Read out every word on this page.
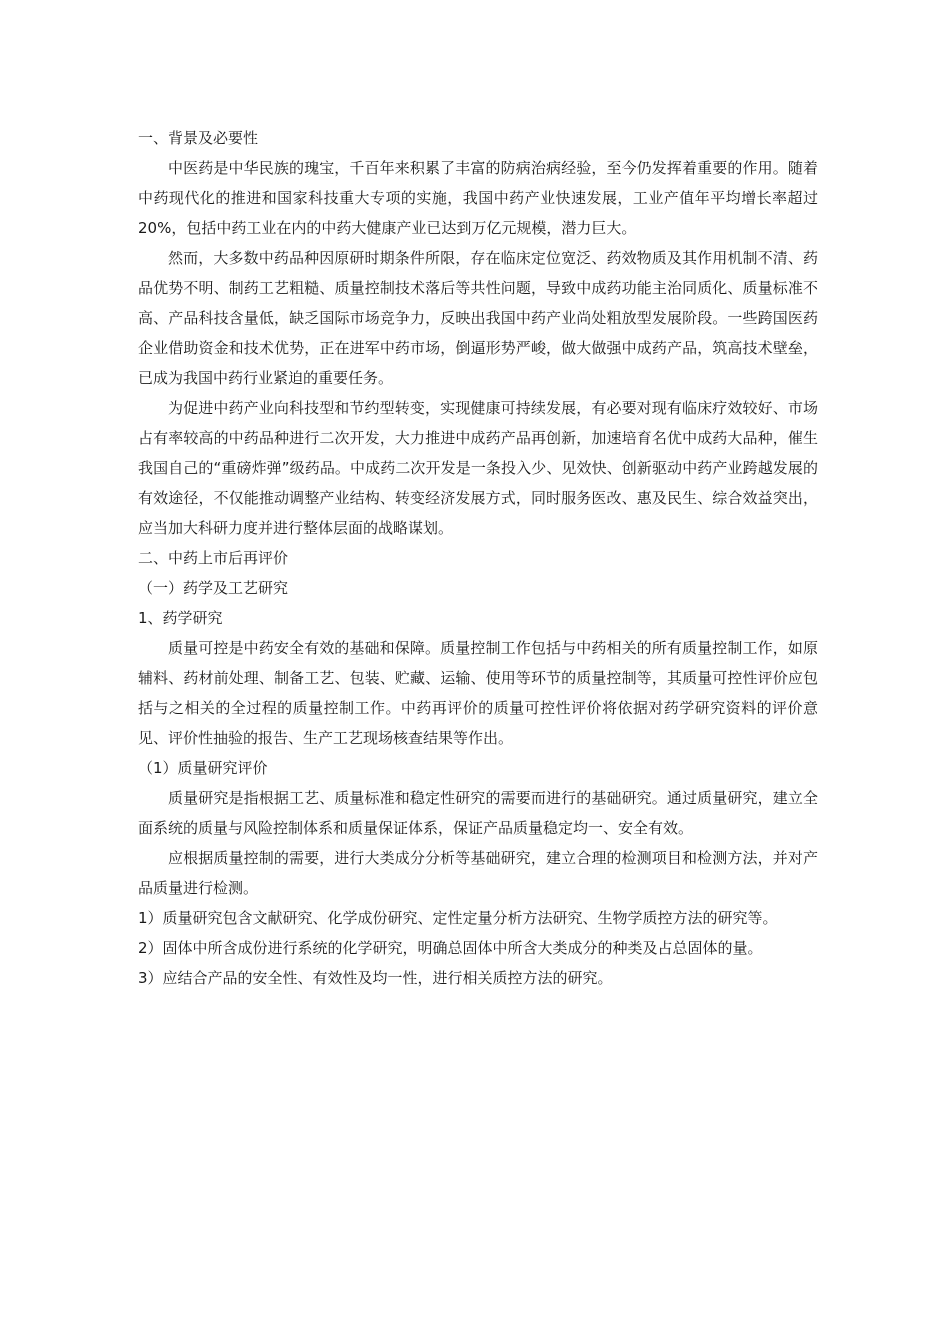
一、背景及必要性
中医药是中华民族的瑰宝，千百年来积累了丰富的防病治病经验，至今仍发挥着重要的作用。随着中药现代化的推进和国家科技重大专项的实施，我国中药产业快速发展，工业产值年平均增长率超过 20%，包括中药工业在内的中药大健康产业已达到万亿元规模，潜力巨大。
然而，大多数中药品种因原研时期条件所限，存在临床定位宽泛、药效物质及其作用机制不清、药品优势不明、制药工艺粗糙、质量控制技术落后等共性问题，导致中成药功能主治同质化、质量标准不高、产品科技含量低，缺乏国际市场竞争力，反映出我国中药产业尚处粗放型发展阶段。一些跨国医药企业借助资金和技术优势，正在进军中药市场，倒逼形势严峻，做大做强中成药产品，筑高技术壁垒，已成为我国中药行业紧迫的重要任务。
为促进中药产业向科技型和节约型转变，实现健康可持续发展，有必要对现有临床疗效较好、市场占有率较高的中药品种进行二次开发，大力推进中成药产品再创新，加速培育名优中成药大品种，催生我国自己的“重磅炸弹”级药品。中成药二次开发是一条投入少、见效快、创新驱动中药产业跨越发展的有效途径，不仅能推动调整产业结构、转变经济发展方式，同时服务医改、惠及民生、综合效益突出，应当加大科研力度并进行整体层面的战略谋划。
二、中药上市后再评价
（一）药学及工艺研究
1、药学研究
质量可控是中药安全有效的基础和保障。质量控制工作包括与中药相关的所有质量控制工作，如原辅料、药材前处理、制备工艺、包装、贮藏、运输、使用等环节的质量控制等，其质量可控性评价应包括与之相关的全过程的质量控制工作。中药再评价的质量可控性评价将依据对药学研究资料的评价意见、评价性抽验的报告、生产工艺现场核查结果等作出。
（1）质量研究评价
质量研究是指根据工艺、质量标准和稳定性研究的需要而进行的基础研究。通过质量研究，建立全面系统的质量与风险控制体系和质量保证体系，保证产品质量稳定均一、安全有效。
应根据质量控制的需要，进行大类成分分析等基础研究，建立合理的检测项目和检测方法，并对产品质量进行检测。
1）质量研究包含文献研究、化学成份研究、定性定量分析方法研究、生物学质控方法的研究等。
2）固体中所含成份进行系统的化学研究，明确总固体中所含大类成分的种类及占总固体的量。
3）应结合产品的安全性、有效性及均一性，进行相关质控方法的研究。
